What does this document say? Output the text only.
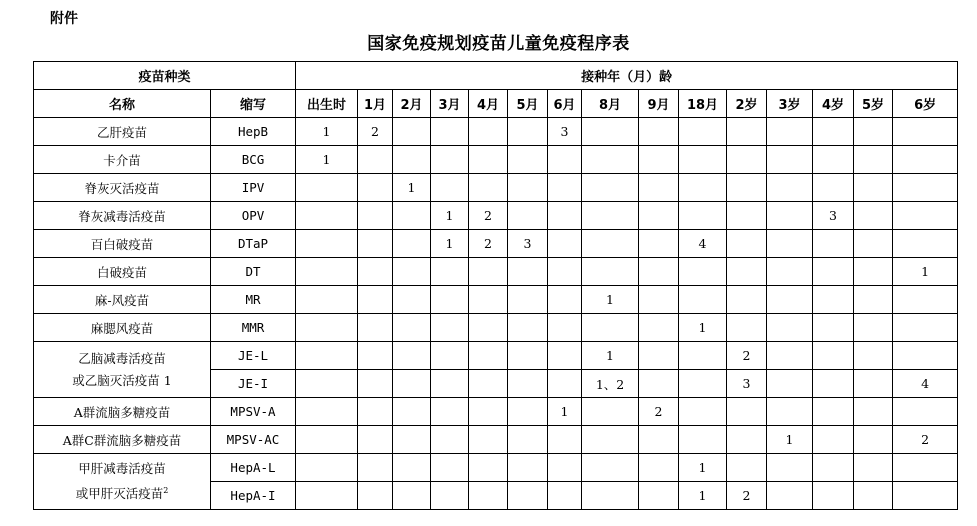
附件
国家免疫规划疫苗儿童免疫程序表
疫苗种类		接种年（月）龄														
名称	缩写	出生时	1月	2月	3月	4月	5月	6月	8月	9月	18月	2岁	3岁	4岁	5岁	6岁
乙肝疫苗	HepB	1	2					3								
卡介苗	BCG	1														
脊灰灭活疫苗	IPV			1												
脊灰减毒活疫苗	OPV				1	2								3		
百白破疫苗	DTaP				1	2	3				4					
白破疫苗	DT															1
麻-风疫苗	MR								1							
麻腮风疫苗	MMR										1					
乙脑减毒活疫苗
或乙脑灭活疫苗 1	JE-L								1			2				
	JE-I								1、2			3				4
A群流脑多糖疫苗	MPSV-A							1		2						
A群C群流脑多糖疫苗	MPSV-AC												1			2
甲肝减毒活疫苗
或甲肝灭活疫苗$^2$	HepA-L										1					
	HepA-I										1	2				
